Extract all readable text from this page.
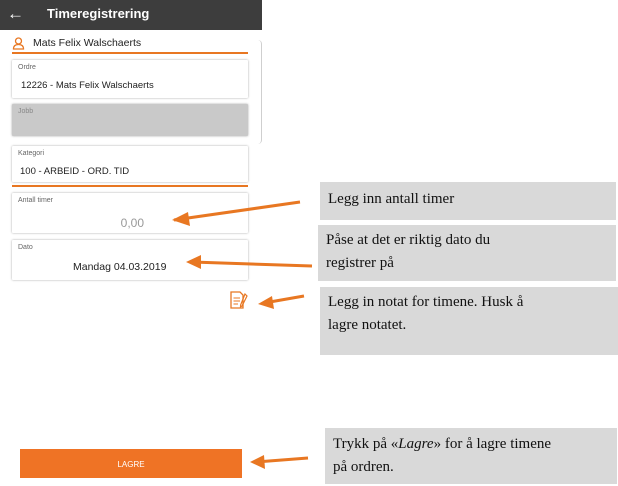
← Timeregistrering
Mats Felix Walschaerts
Ordre
12226 - Mats Felix Walschaerts
Jobb
Kategori
100 - ARBEID - ORD. TID
Antall timer
0,00
Dato
Mandag 04.03.2019
LAGRE
Legg inn antall timer
Påse at det er riktig dato du
registrer på
Legg in notat for timene. Husk å
lagre notatet.
Trykk på «Lagre» for å lagre timene
på ordren.
